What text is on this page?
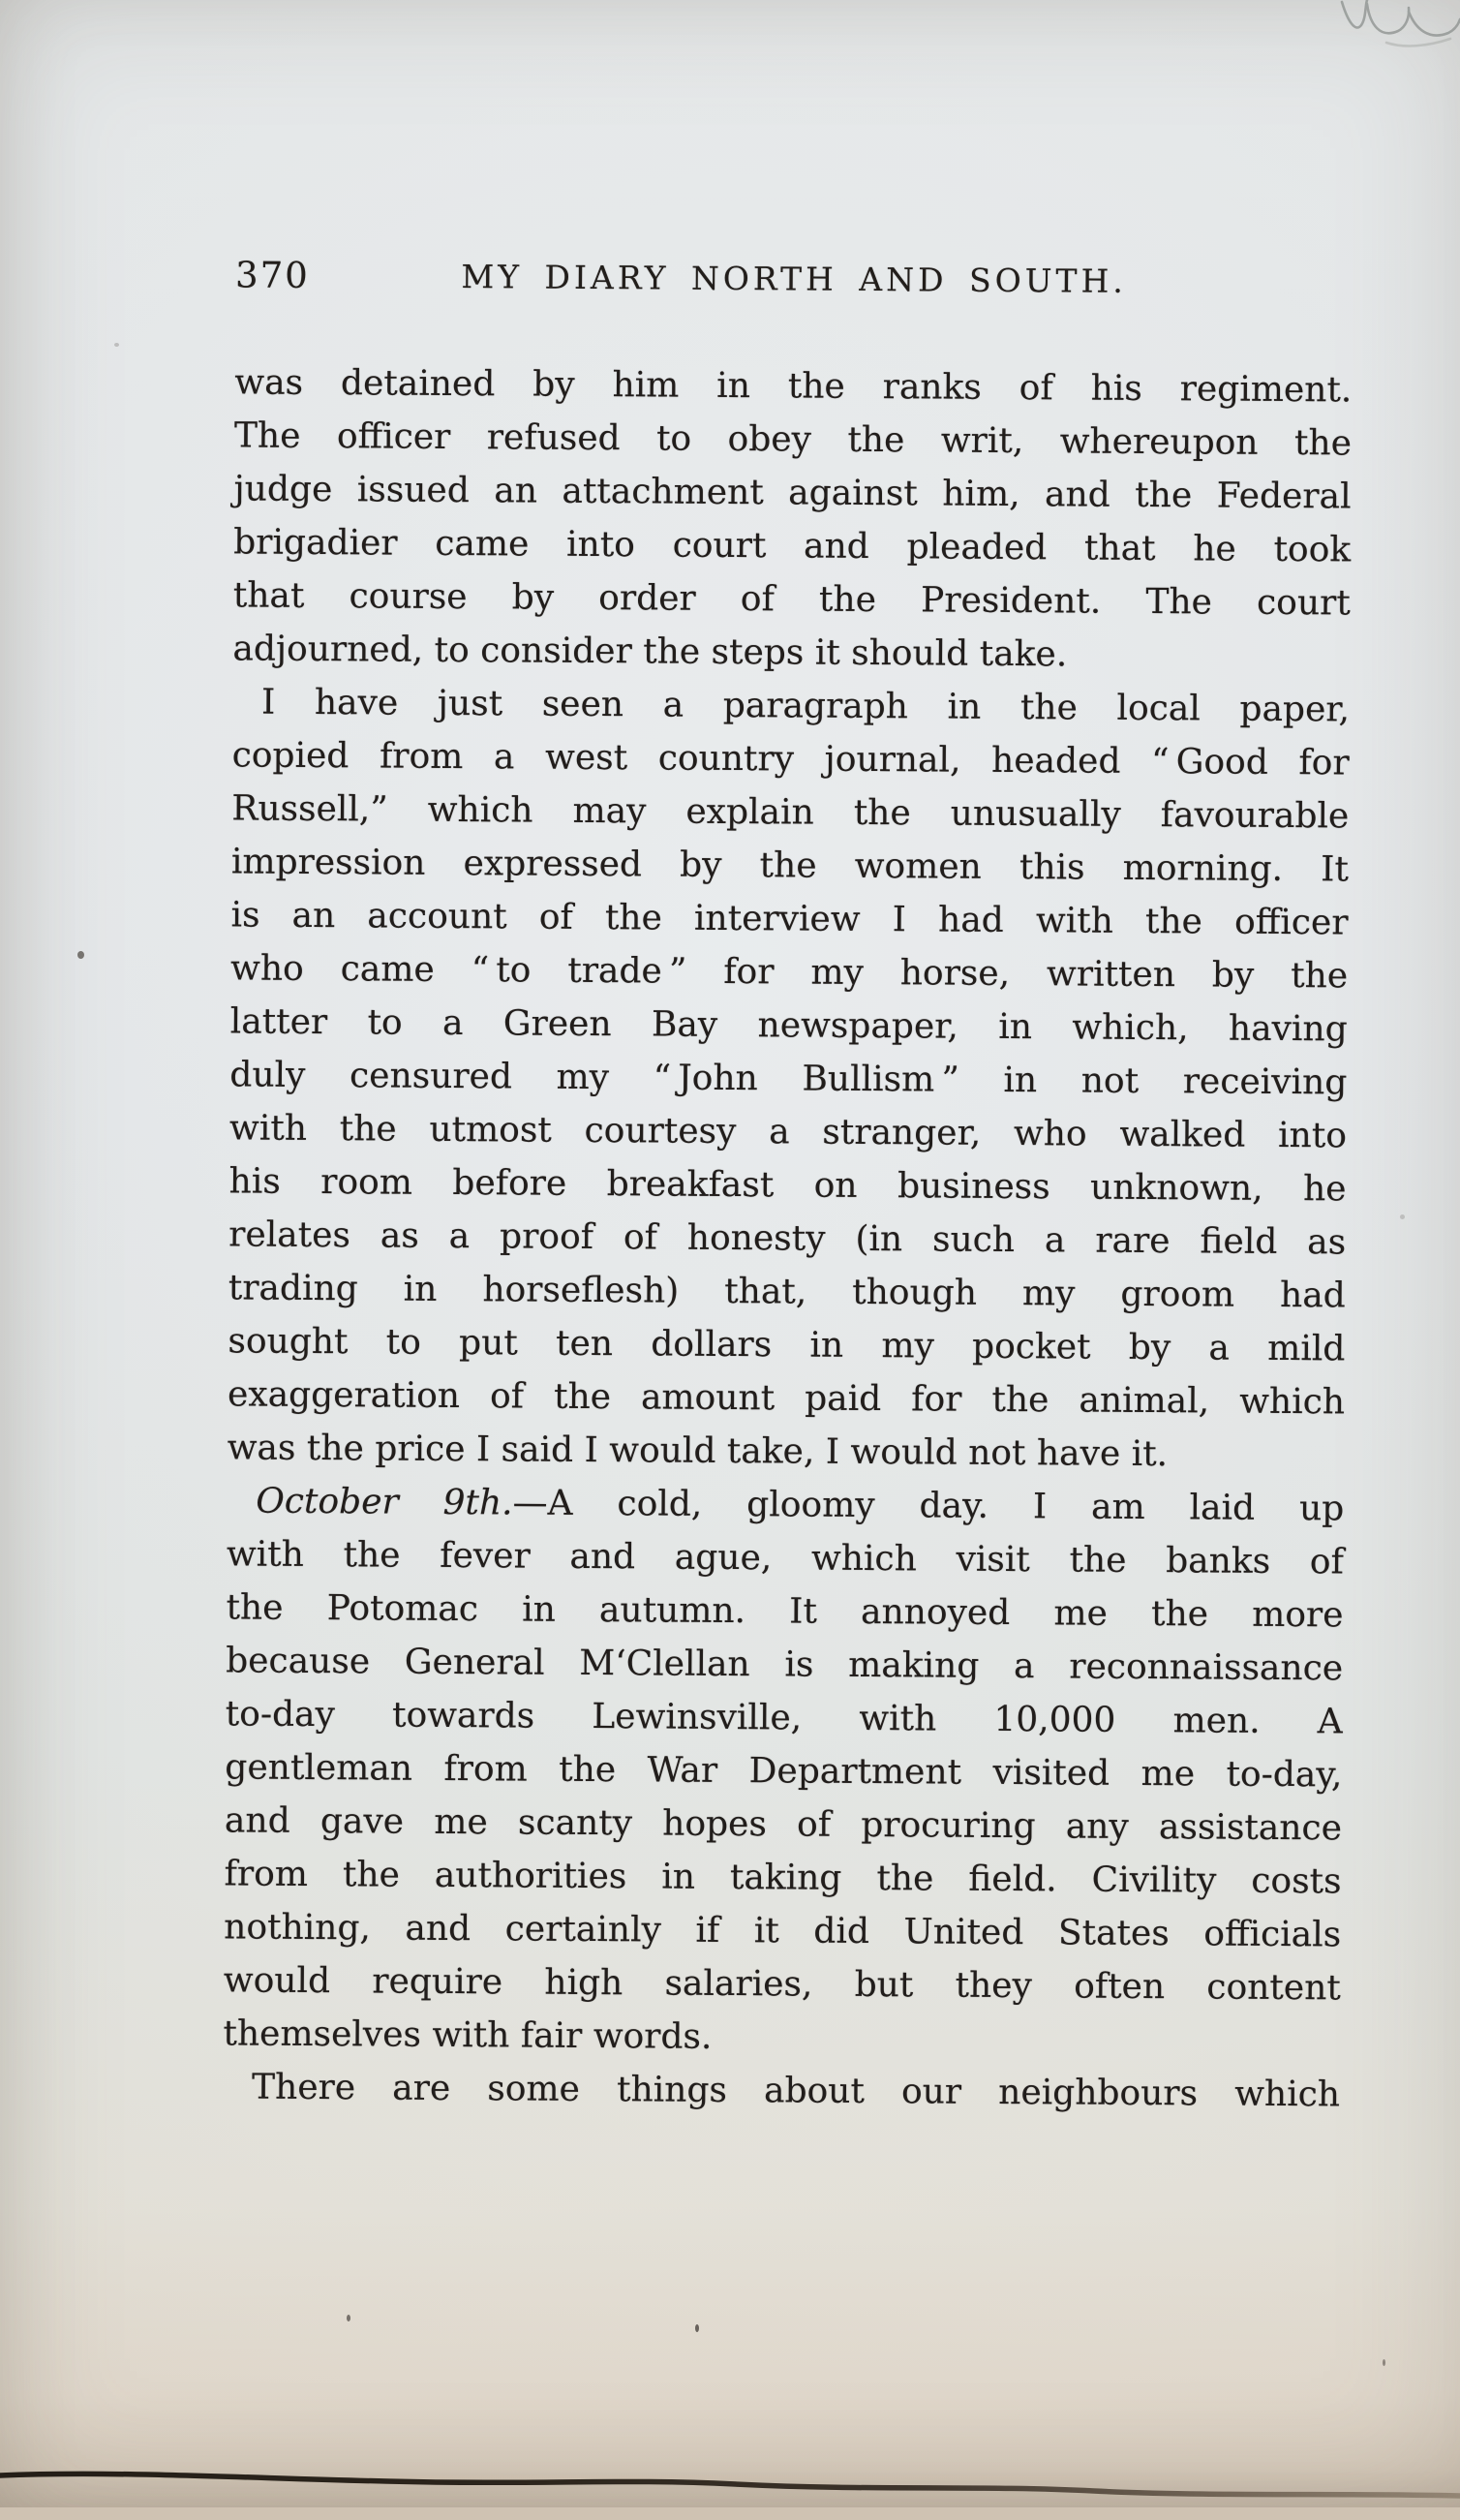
370	MY DIARY NORTH AND SOUTH.
was detained by him in the ranks of his regiment.
The officer refused to obey the writ, whereupon the
judge issued an attachment against him, and the Federal
brigadier came into court and pleaded that he took
that course by order of the President. The court
adjourned, to consider the steps it should take.
I have just seen a paragraph in the local paper,
copied from a west country journal, headed “ Good for
Russell,” which may explain the unusually favourable
impression expressed by the women this morning. It
is an account of the interview I had with the officer
who came “ to trade ” for my horse, written by the
latter to a Green Bay newspaper, in which, having
duly censured my “ John Bullism ” in not receiving
with the utmost courtesy a stranger, who walked into
his room before breakfast on business unknown, he
relates as a proof of honesty (in such a rare field as
trading in horseflesh) that, though my groom had
sought to put ten dollars in my pocket by a mild
exaggeration of the amount paid for the animal, which
was the price I said I would take, I would not have it.
October 9th.—A cold, gloomy day. I am laid up
with the fever and ague, which visit the banks of
the Potomac in autumn. It annoyed me the more
because General M‘Clellan is making a reconnaissance
to-day towards Lewinsville, with 10,000 men. A
gentleman from the War Department visited me to-day,
and gave me scanty hopes of procuring any assistance
from the authorities in taking the field. Civility costs
nothing, and certainly if it did United States officials
would require high salaries, but they often content
themselves with fair words.
There are some things about our neighbours which
